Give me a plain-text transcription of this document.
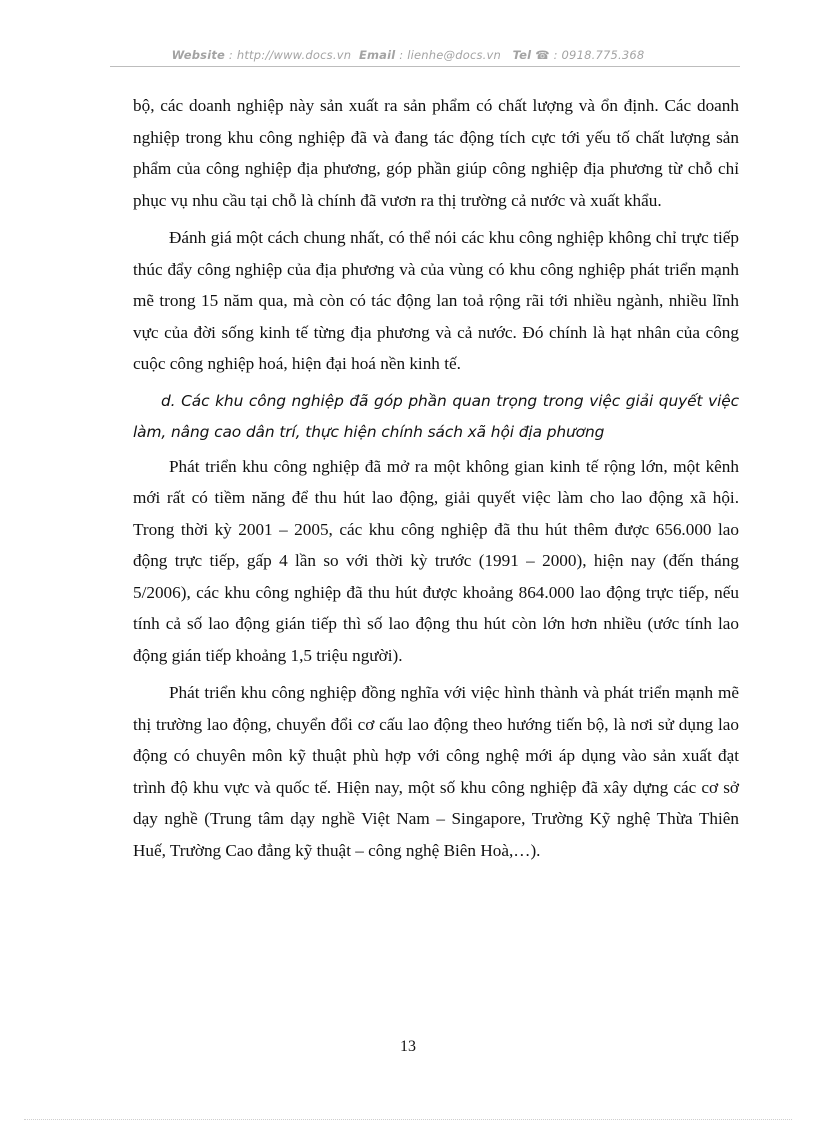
Website : http://www.docs.vn Email : lienhe@docs.vn Tel ☎ : 0918.775.368

bộ, các doanh nghiệp này sản xuất ra sản phẩm có chất lượng và ổn định. Các doanh nghiệp trong khu công nghiệp đã và đang tác động tích cực tới yếu tố chất lượng sản phẩm của công nghiệp địa phương, góp phần giúp công nghiệp địa phương từ chỗ chỉ phục vụ nhu cầu tại chỗ là chính đã vươn ra thị trường cả nước và xuất khẩu.

Đánh giá một cách chung nhất, có thể nói các khu công nghiệp không chỉ trực tiếp thúc đẩy công nghiệp của địa phương và của vùng có khu công nghiệp phát triển mạnh mẽ trong 15 năm qua, mà còn có tác động lan toả rộng rãi tới nhiều ngành, nhiều lĩnh vực của đời sống kinh tế từng địa phương và cả nước. Đó chính là hạt nhân của công cuộc công nghiệp hoá, hiện đại hoá nền kinh tế.

d. Các khu công nghiệp đã góp phần quan trọng trong việc giải quyết việc làm, nâng cao dân trí, thực hiện chính sách xã hội địa phương

Phát triển khu công nghiệp đã mở ra một không gian kinh tế rộng lớn, một kênh mới rất có tiềm năng để thu hút lao động, giải quyết việc làm cho lao động xã hội. Trong thời kỳ 2001 – 2005, các khu công nghiệp đã thu hút thêm được 656.000 lao động trực tiếp, gấp 4 lần so với thời kỳ trước (1991 – 2000), hiện nay (đến tháng 5/2006), các khu công nghiệp đã thu hút được khoảng 864.000 lao động trực tiếp, nếu tính cả số lao động gián tiếp thì số lao động thu hút còn lớn hơn nhiều (ước tính lao động gián tiếp khoảng 1,5 triệu người).

Phát triển khu công nghiệp đồng nghĩa với việc hình thành và phát triển mạnh mẽ thị trường lao động, chuyển đổi cơ cấu lao động theo hướng tiến bộ, là nơi sử dụng lao động có chuyên môn kỹ thuật phù hợp với công nghệ mới áp dụng vào sản xuất đạt trình độ khu vực và quốc tế. Hiện nay, một số khu công nghiệp đã xây dựng các cơ sở dạy nghề (Trung tâm dạy nghề Việt Nam – Singapore, Trường Kỹ nghệ Thừa Thiên Huế, Trường Cao đẳng kỹ thuật – công nghệ Biên Hoà,…).

13
